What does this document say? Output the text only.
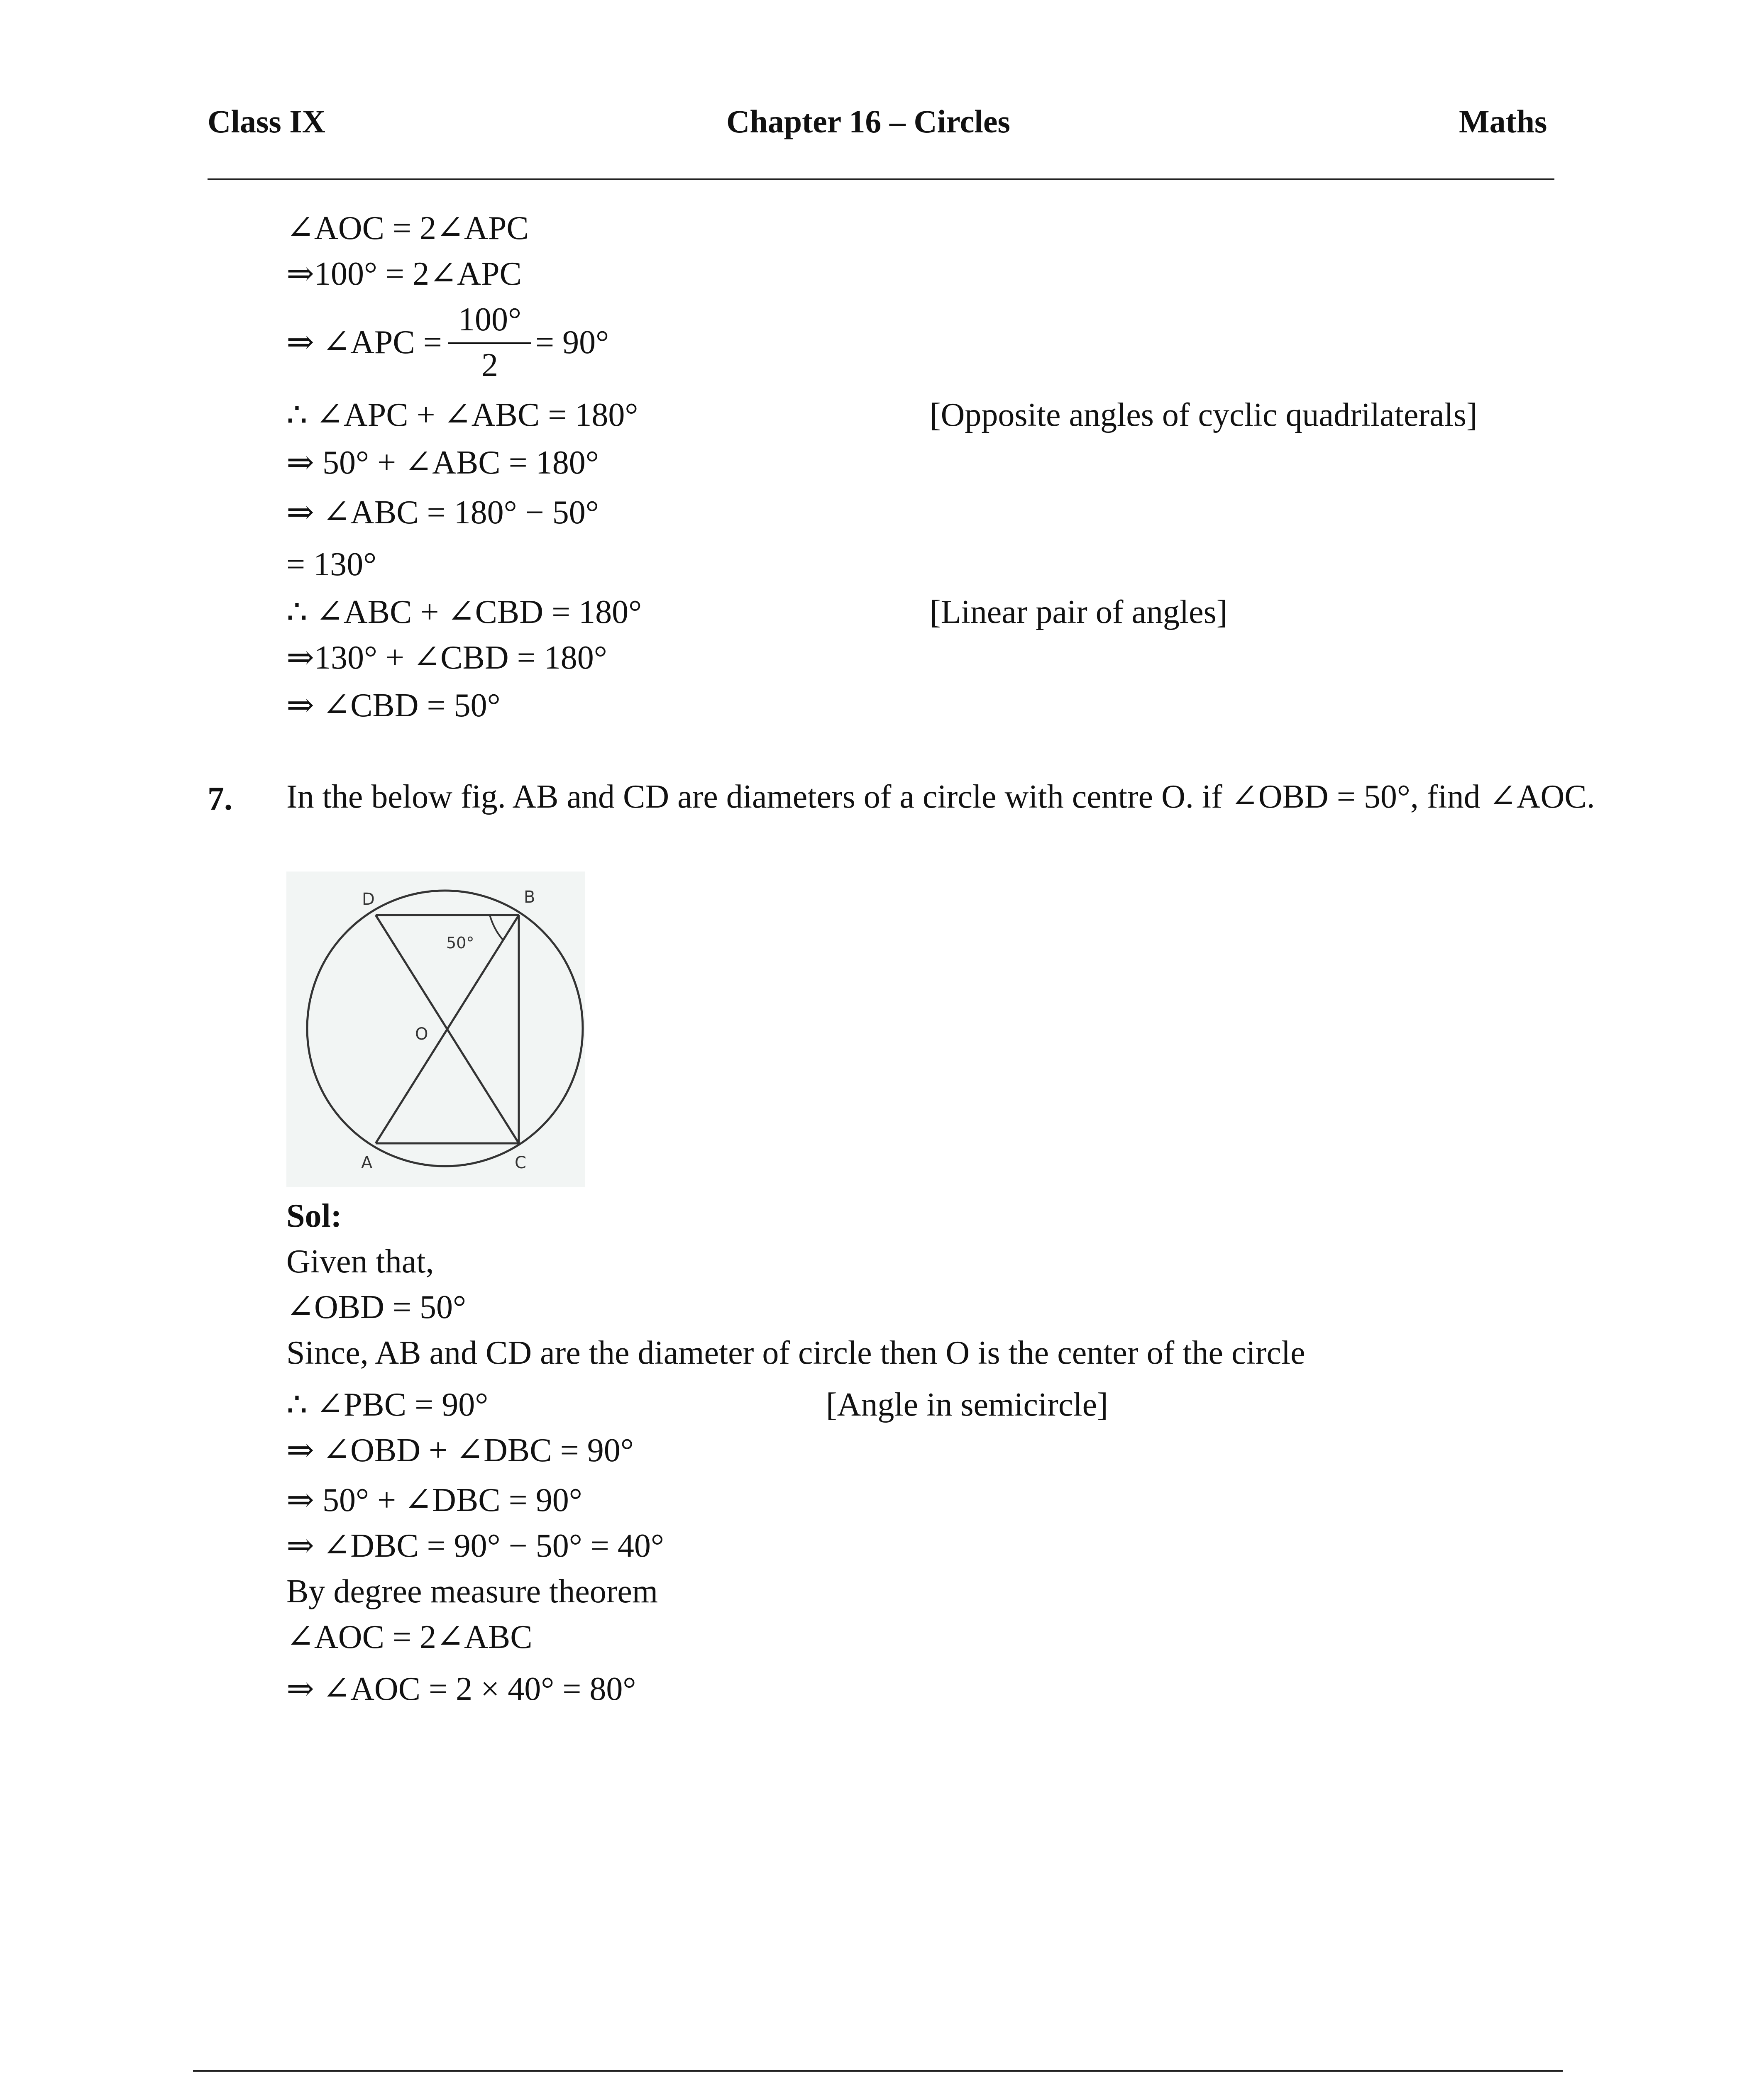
Class IX	Chapter 16 – Circles	Maths
∠AOC = 2∠APC
⇒100° = 2∠APC
⇒ ∠APC =
100°
2
= 90°
∴ ∠APC + ∠ABC = 180°	[Opposite angles of cyclic quadrilaterals]
⇒ 50° + ∠ABC = 180°
⇒ ∠ABC = 180° − 50°
= 130°
∴ ∠ABC + ∠CBD = 180°	[Linear pair of angles]
⇒130° + ∠CBD = 180°
⇒ ∠CBD = 50°
7. In the below fig. AB and CD are diameters of a circle with centre O. if ∠OBD = 50°, find ∠AOC.
D	B
O
A	C
50°
Sol:
Given that,
∠OBD = 50°
Since, AB and CD are the diameter of circle then O is the center of the circle
∴ ∠PBC = 90°	[Angle in semicircle]
⇒ ∠OBD + ∠DBC = 90°
⇒ 50° + ∠DBC = 90°
⇒ ∠DBC = 90° − 50° = 40°
By degree measure theorem
∠AOC = 2∠ABC
⇒ ∠AOC = 2 × 40° = 80°
